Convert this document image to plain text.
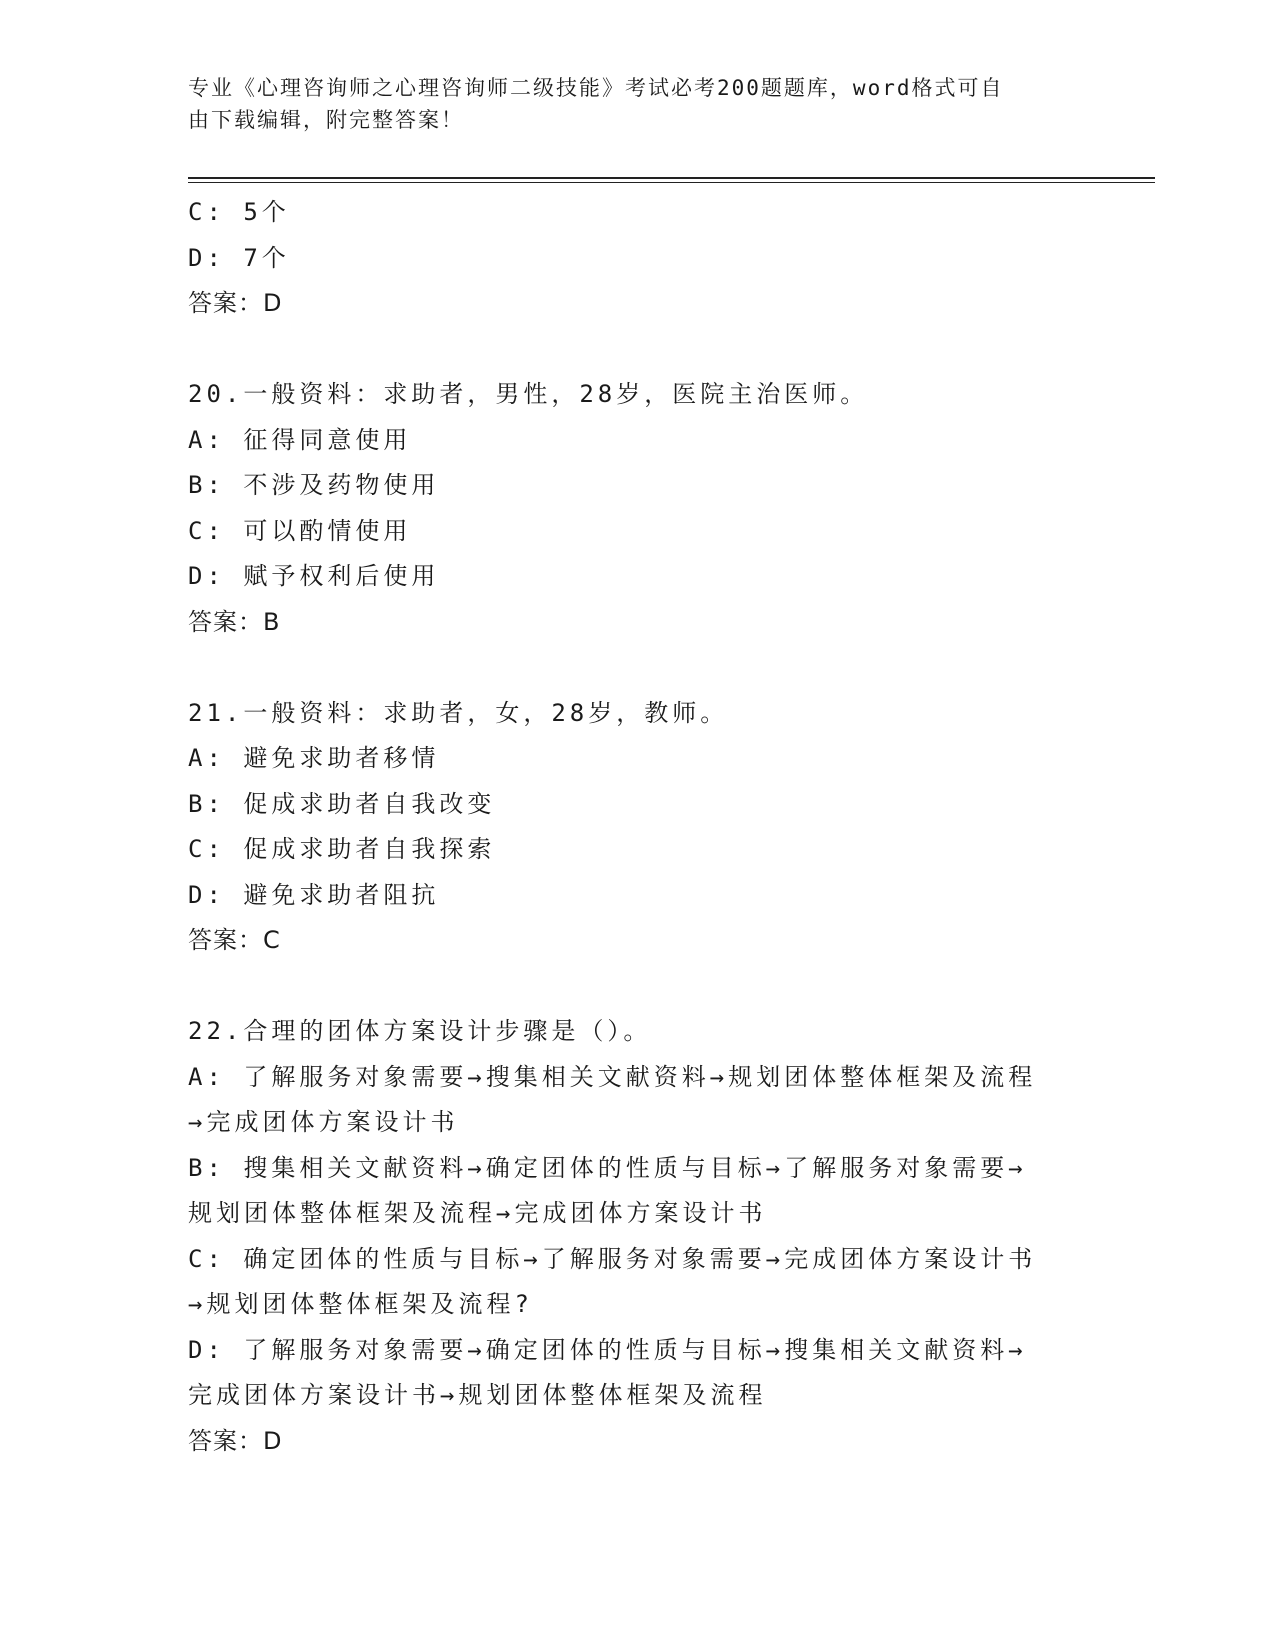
专业《心理咨询师之心理咨询师二级技能》考试必考200题题库，word格式可自
由下载编辑，附完整答案！
C: 5个
D: 7个
答案：D
20.一般资料：求助者，男性，28岁，医院主治医师。
A: 征得同意使用
B: 不涉及药物使用
C: 可以酌情使用
D: 赋予权利后使用
答案：B
21.一般资料：求助者，女，28岁，教师。
A: 避免求助者移情
B: 促成求助者自我改变
C: 促成求助者自我探索
D: 避免求助者阻抗
答案：C
22.合理的团体方案设计步骤是（）。
A: 了解服务对象需要→搜集相关文献资料→规划团体整体框架及流程
→完成团体方案设计书
B: 搜集相关文献资料→确定团体的性质与目标→了解服务对象需要→
规划团体整体框架及流程→完成团体方案设计书
C: 确定团体的性质与目标→了解服务对象需要→完成团体方案设计书
→规划团体整体框架及流程?
D: 了解服务对象需要→确定团体的性质与目标→搜集相关文献资料→
完成团体方案设计书→规划团体整体框架及流程
答案：D
